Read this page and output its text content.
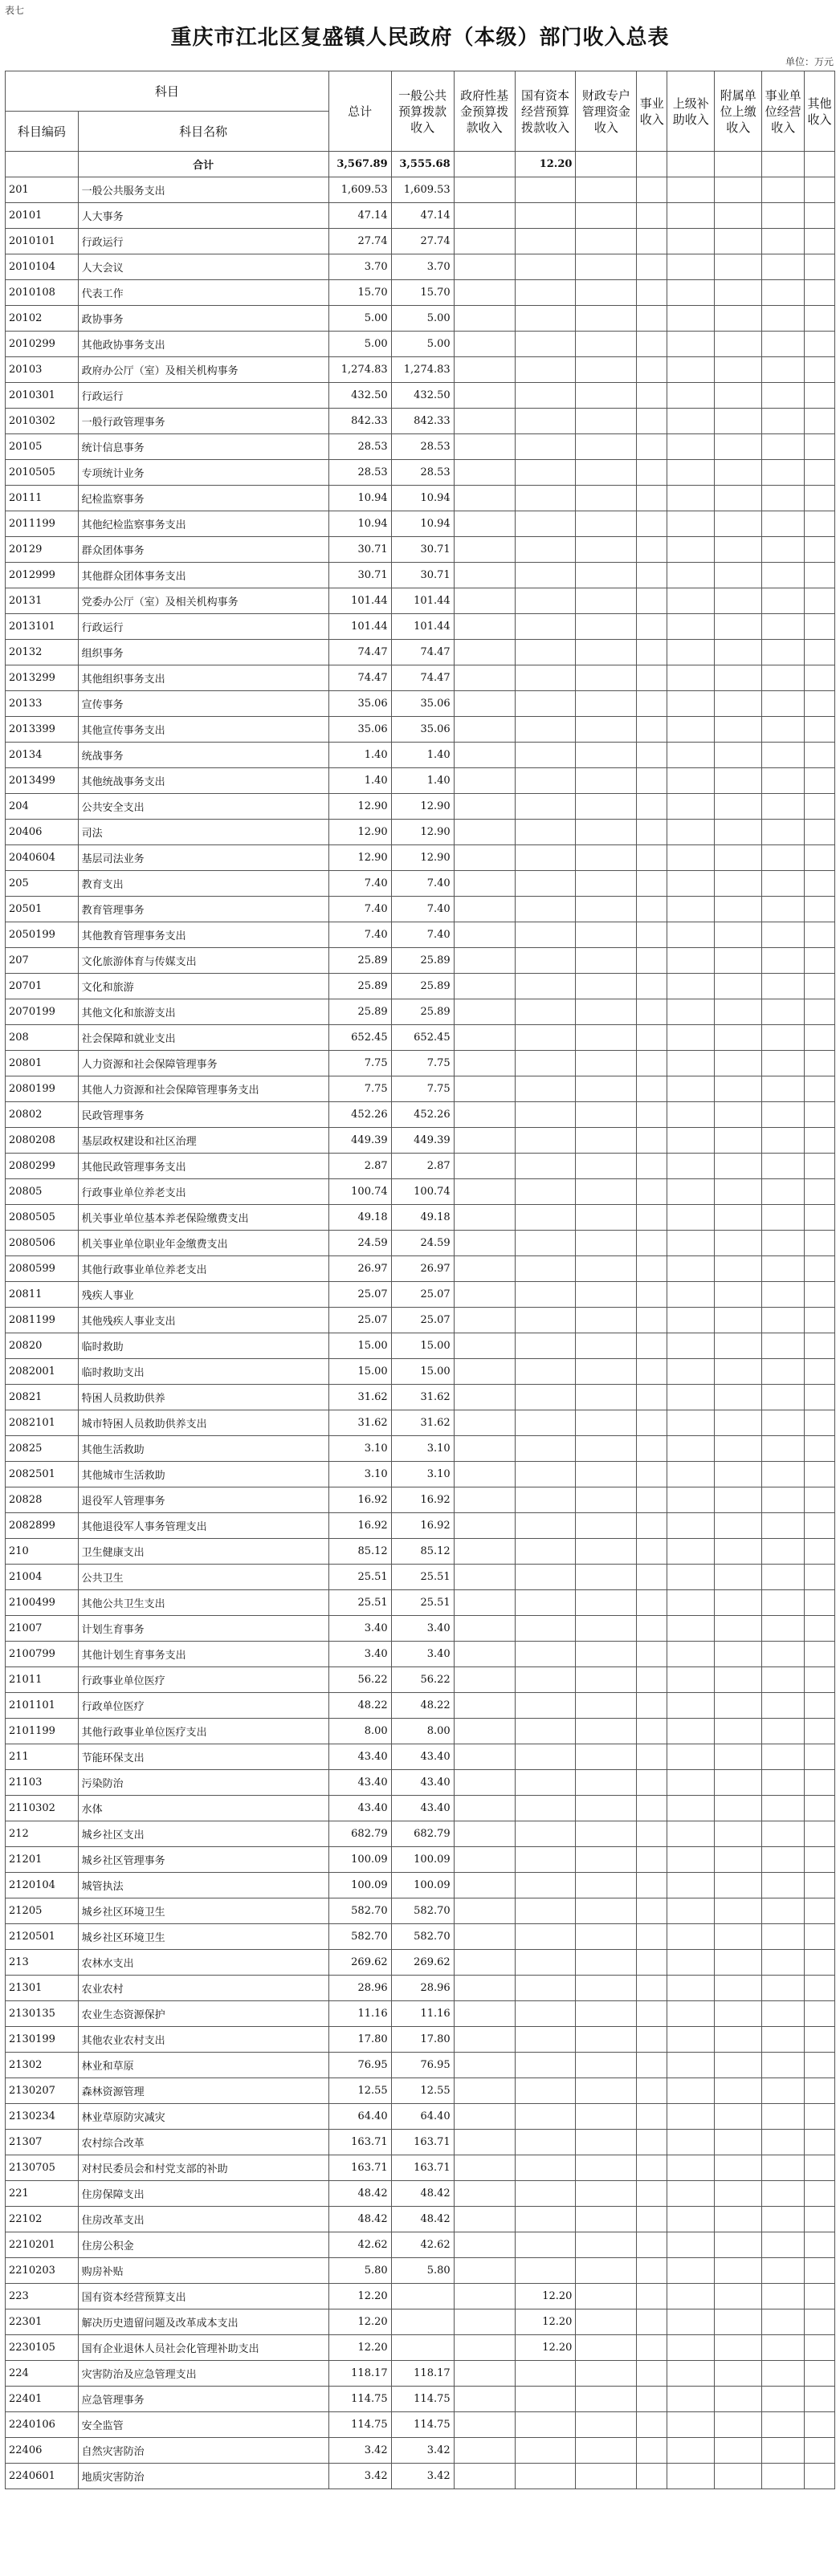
表七
重庆市江北区复盛镇人民政府（本级）部门收入总表
单位：万元
科目		总计	一般公共预算拨款收入	政府性基金预算拨款收入	国有资本经营预算拨款收入	财政专户管理资金收入	事业收入	上级补助收入	附属单位上缴收入	事业单位经营收入	其他收入
科目编码	科目名称										
	合计	3,567.89	3,555.68		12.20						
201	一般公共服务支出	1,609.53	1,609.53								
20101	人大事务	47.14	47.14								
2010101	行政运行	27.74	27.74								
2010104	人大会议	3.70	3.70								
2010108	代表工作	15.70	15.70								
20102	政协事务	5.00	5.00								
2010299	其他政协事务支出	5.00	5.00								
20103	政府办公厅（室）及相关机构事务	1,274.83	1,274.83								
2010301	行政运行	432.50	432.50								
2010302	一般行政管理事务	842.33	842.33								
20105	统计信息事务	28.53	28.53								
2010505	专项统计业务	28.53	28.53								
20111	纪检监察事务	10.94	10.94								
2011199	其他纪检监察事务支出	10.94	10.94								
20129	群众团体事务	30.71	30.71								
2012999	其他群众团体事务支出	30.71	30.71								
20131	党委办公厅（室）及相关机构事务	101.44	101.44								
2013101	行政运行	101.44	101.44								
20132	组织事务	74.47	74.47								
2013299	其他组织事务支出	74.47	74.47								
20133	宣传事务	35.06	35.06								
2013399	其他宣传事务支出	35.06	35.06								
20134	统战事务	1.40	1.40								
2013499	其他统战事务支出	1.40	1.40								
204	公共安全支出	12.90	12.90								
20406	司法	12.90	12.90								
2040604	基层司法业务	12.90	12.90								
205	教育支出	7.40	7.40								
20501	教育管理事务	7.40	7.40								
2050199	其他教育管理事务支出	7.40	7.40								
207	文化旅游体育与传媒支出	25.89	25.89								
20701	文化和旅游	25.89	25.89								
2070199	其他文化和旅游支出	25.89	25.89								
208	社会保障和就业支出	652.45	652.45								
20801	人力资源和社会保障管理事务	7.75	7.75								
2080199	其他人力资源和社会保障管理事务支出	7.75	7.75								
20802	民政管理事务	452.26	452.26								
2080208	基层政权建设和社区治理	449.39	449.39								
2080299	其他民政管理事务支出	2.87	2.87								
20805	行政事业单位养老支出	100.74	100.74								
2080505	机关事业单位基本养老保险缴费支出	49.18	49.18								
2080506	机关事业单位职业年金缴费支出	24.59	24.59								
2080599	其他行政事业单位养老支出	26.97	26.97								
20811	残疾人事业	25.07	25.07								
2081199	其他残疾人事业支出	25.07	25.07								
20820	临时救助	15.00	15.00								
2082001	临时救助支出	15.00	15.00								
20821	特困人员救助供养	31.62	31.62								
2082101	城市特困人员救助供养支出	31.62	31.62								
20825	其他生活救助	3.10	3.10								
2082501	其他城市生活救助	3.10	3.10								
20828	退役军人管理事务	16.92	16.92								
2082899	其他退役军人事务管理支出	16.92	16.92								
210	卫生健康支出	85.12	85.12								
21004	公共卫生	25.51	25.51								
2100499	其他公共卫生支出	25.51	25.51								
21007	计划生育事务	3.40	3.40								
2100799	其他计划生育事务支出	3.40	3.40								
21011	行政事业单位医疗	56.22	56.22								
2101101	行政单位医疗	48.22	48.22								
2101199	其他行政事业单位医疗支出	8.00	8.00								
211	节能环保支出	43.40	43.40								
21103	污染防治	43.40	43.40								
2110302	水体	43.40	43.40								
212	城乡社区支出	682.79	682.79								
21201	城乡社区管理事务	100.09	100.09								
2120104	城管执法	100.09	100.09								
21205	城乡社区环境卫生	582.70	582.70								
2120501	城乡社区环境卫生	582.70	582.70								
213	农林水支出	269.62	269.62								
21301	农业农村	28.96	28.96								
2130135	农业生态资源保护	11.16	11.16								
2130199	其他农业农村支出	17.80	17.80								
21302	林业和草原	76.95	76.95								
2130207	森林资源管理	12.55	12.55								
2130234	林业草原防灾减灾	64.40	64.40								
21307	农村综合改革	163.71	163.71								
2130705	对村民委员会和村党支部的补助	163.71	163.71								
221	住房保障支出	48.42	48.42								
22102	住房改革支出	48.42	48.42								
2210201	住房公积金	42.62	42.62								
2210203	购房补贴	5.80	5.80								
223	国有资本经营预算支出	12.20			12.20						
22301	解决历史遗留问题及改革成本支出	12.20			12.20						
2230105	国有企业退休人员社会化管理补助支出	12.20			12.20						
224	灾害防治及应急管理支出	118.17	118.17								
22401	应急管理事务	114.75	114.75								
2240106	安全监管	114.75	114.75								
22406	自然灾害防治	3.42	3.42								
2240601	地质灾害防治	3.42	3.42								
